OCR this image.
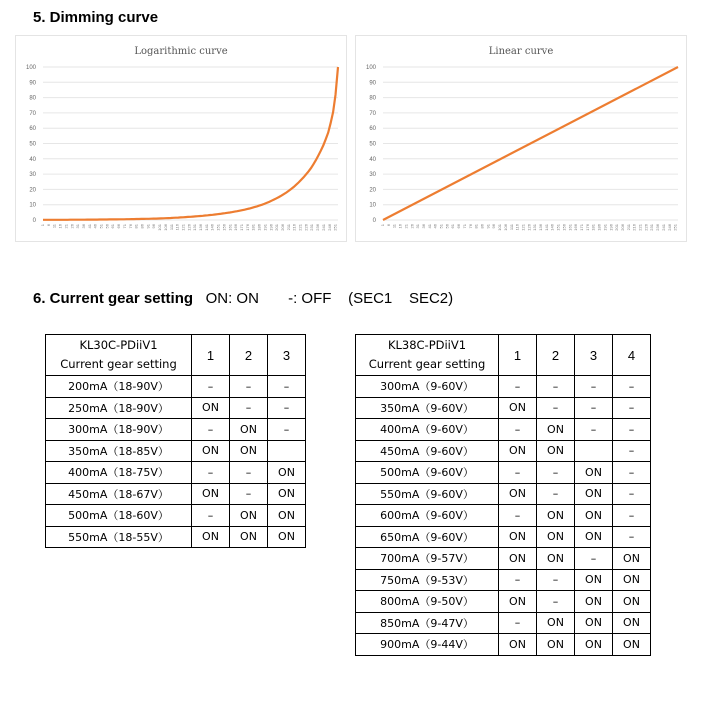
5. Dimming curve
Logarithmic curve
0
10
20
30
40
50
60
70
80
90
100
1 6 11 16 21 26 31 36 41 46 51 56 61 66 71 76 81 86 91 96 101 106 111 116 121 126 131 136 141 146 151 156 161 166 171 176 181 186 191 196 201 206 211 216 221 226 231 236 241 246 251
Linear curve
0
10
20
30
40
50
60
70
80
90
100
1 6 11 16 21 26 31 36 41 46 51 56 61 66 71 76 81 86 91 96 101 106 111 116 121 126 131 136 141 146 151 156 161 166 171 176 181 186 191 196 201 206 211 216 221 226 231 236 241 246 251
6. Current gear setting ON: ON -: OFF (SEC1    SEC2)
KL30C-PDiiV1
Current gear setting	1	2	3
200mA（18-90V）	–	–	–
250mA（18-90V）	ON	–	–
300mA（18-90V）	–	ON	–
350mA（18-85V）	ON	ON	
400mA（18-75V）	–	–	ON
450mA（18-67V）	ON	–	ON
500mA（18-60V）	–	ON	ON
550mA（18-55V）	ON	ON	ON
KL38C-PDiiV1
Current gear setting	1	2	3	4
300mA（9-60V）	–	–	–	–
350mA（9-60V）	ON	–	–	–
400mA（9-60V）	–	ON	–	–
450mA（9-60V）	ON	ON		–
500mA（9-60V）	–	–	ON	–
550mA（9-60V）	ON	–	ON	–
600mA（9-60V）	–	ON	ON	–
650mA（9-60V）	ON	ON	ON	–
700mA（9-57V）	ON	ON	–	ON
750mA（9-53V）	–	–	ON	ON
800mA（9-50V）	ON	–	ON	ON
850mA（9-47V）	–	ON	ON	ON
900mA（9-44V）	ON	ON	ON	ON
